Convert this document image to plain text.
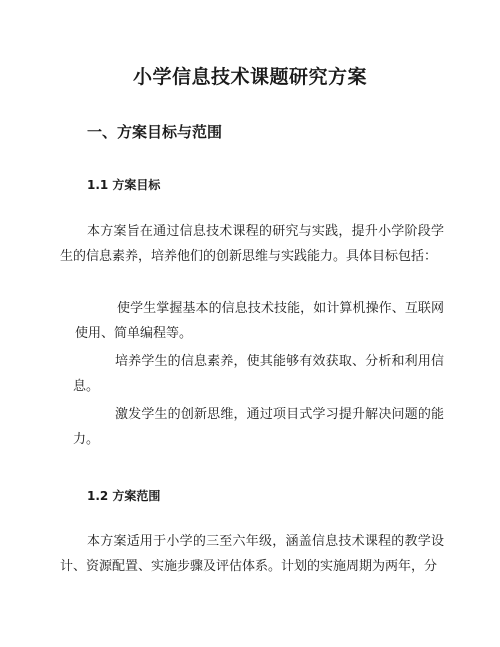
小学信息技术课题研究方案
一、方案目标与范围
1.1 方案目标

本方案旨在通过信息技术课程的研究与实践，提升小学阶段学生的信息素养，培养他们的创新思维与实践能力。具体目标包括：

使学生掌握基本的信息技术技能，如计算机操作、互联网使用、简单编程等。
培养学生的信息素养，使其能够有效获取、分析和利用信息。
激发学生的创新思维，通过项目式学习提升解决问题的能力。
1.2 方案范围

本方案适用于小学的三至六年级，涵盖信息技术课程的教学设计、资源配置、实施步骤及评估体系。计划的实施周期为两年，分
